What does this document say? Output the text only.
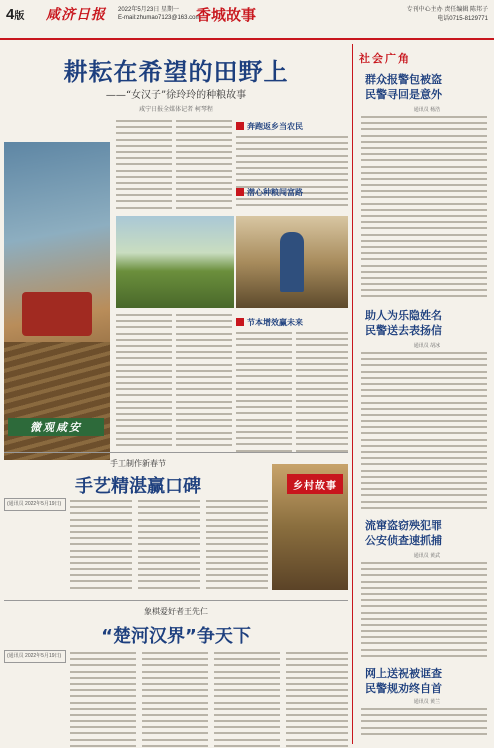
4版 咸济日报 2022年5月23日 星期一
E-mail:zhumao7123@163.com
香城故事	专刊中心主办 责任编辑 陈邦子
电话0715-8129771
耕耘在希望的田野上
——“女汉子”徐玲玲的种粮故事
咸宁日报全媒体记者 柯琴程
微观咸安
奔跑返乡当农民
潜心种粮闯富路
节本增效赢未来
手工制作新春节
手艺精湛赢口碑
(通讯员 2022年5月19日)
乡村故事
象棋爱好者王先仁
“楚河汉界”争天下
(通讯员 2022年5月19日)
社会广角
群众报警包被盗
民警寻回是意外
通讯员 杨浩
助人为乐隐姓名
民警送去表扬信
通讯员 胡冰
流窜盗窃殃犯罪
公安侦查速抓捕
通讯员 黄武
网上送祝被诓查
民警规劝终自首
通讯员 黄兰
